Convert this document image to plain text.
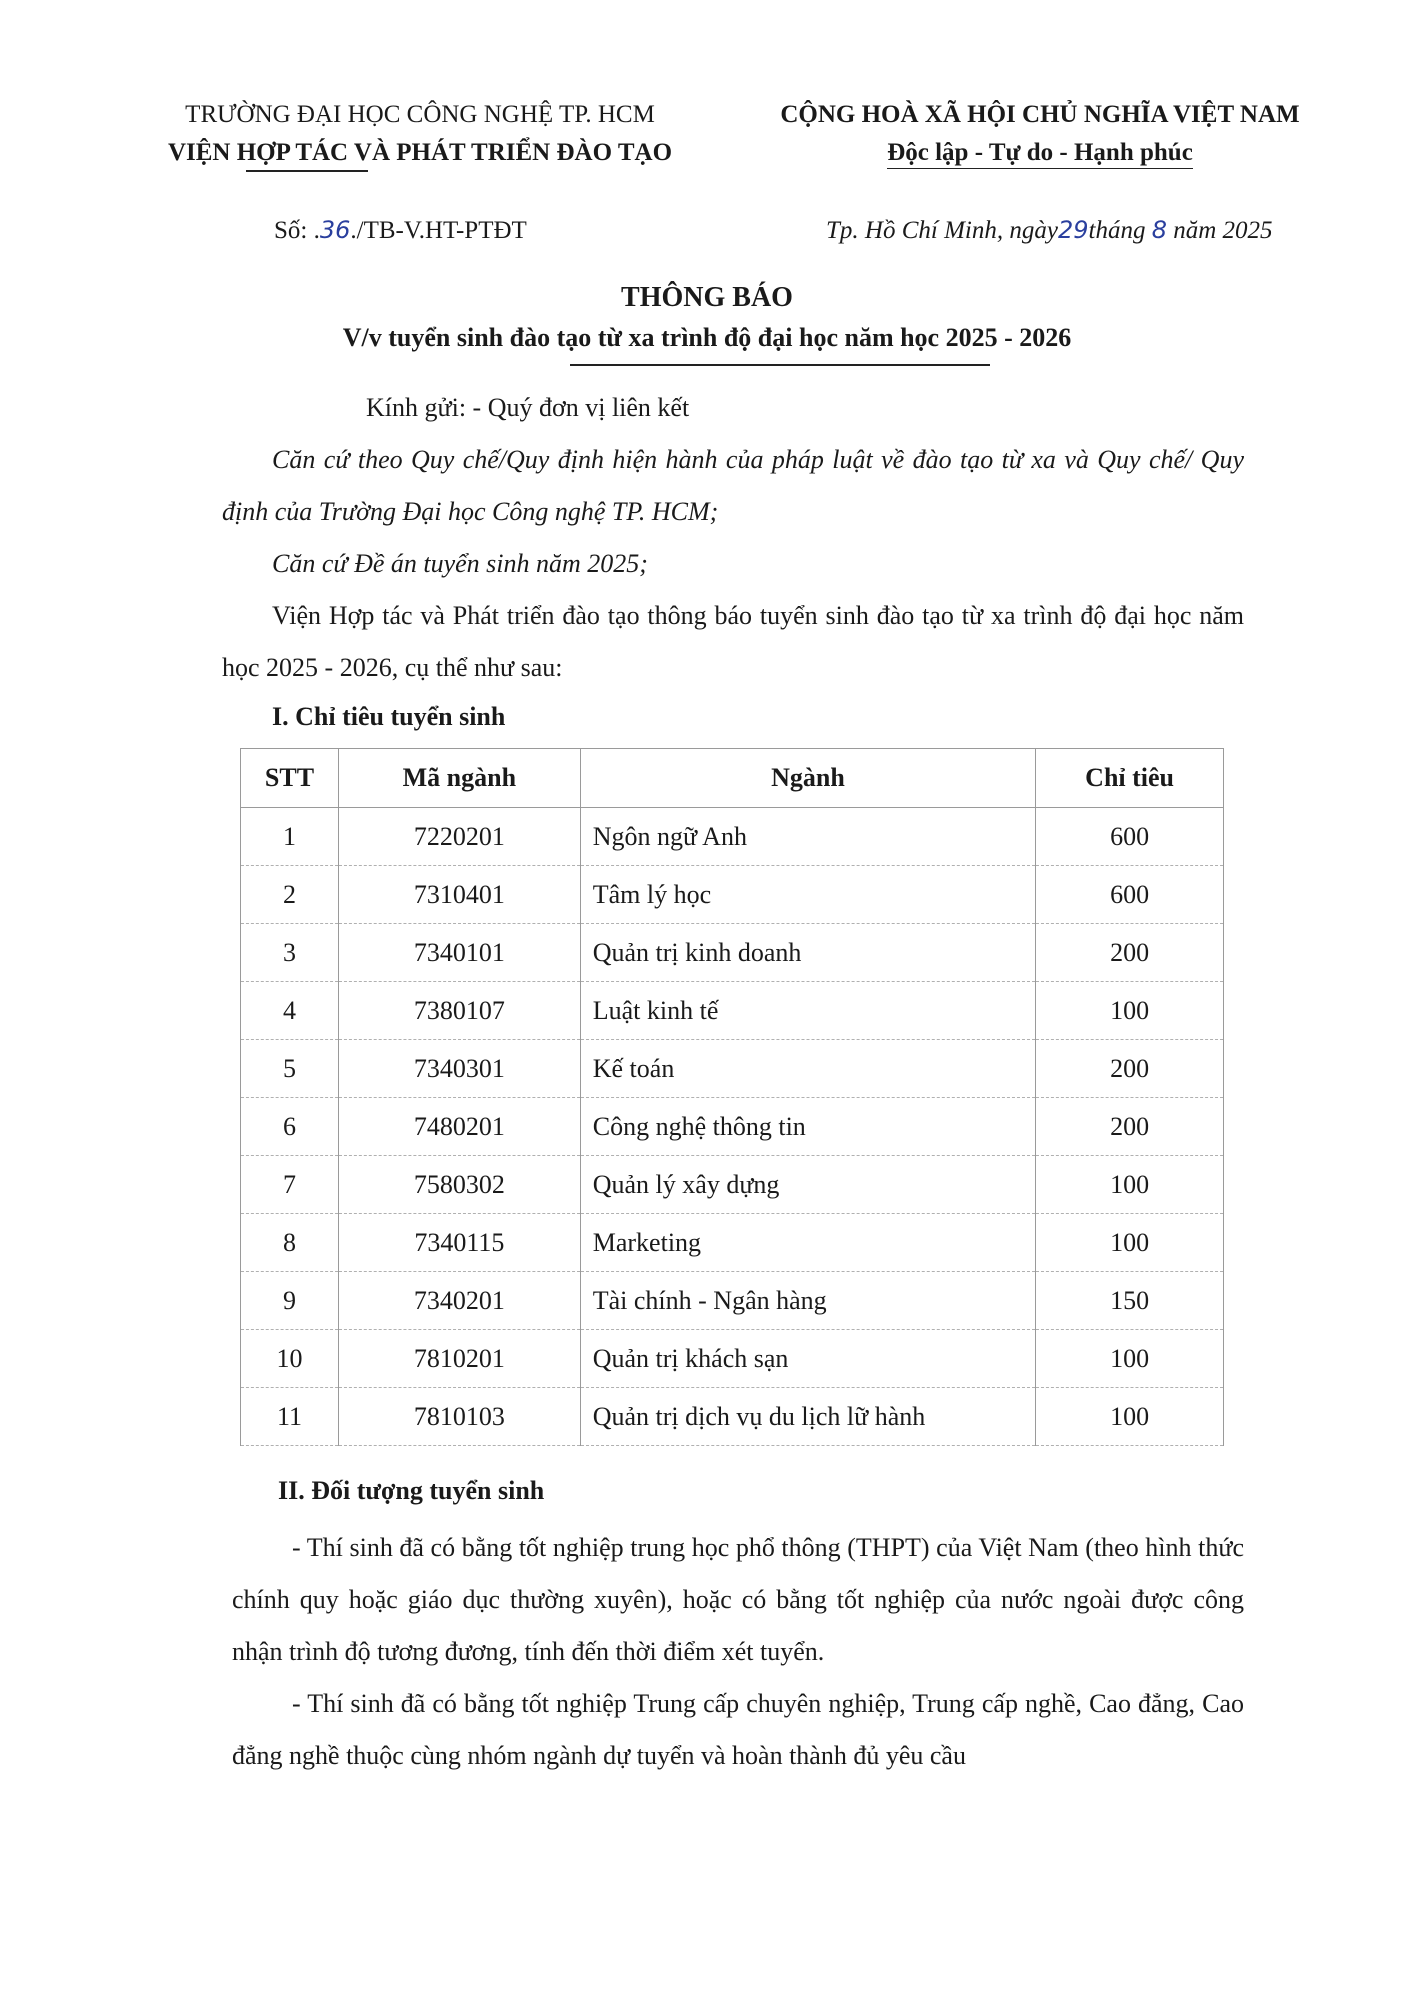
TRƯỜNG ĐẠI HỌC CÔNG NGHỆ TP. HCM
VIỆN HỢP TÁC VÀ PHÁT TRIỂN ĐÀO TẠO
CỘNG HOÀ XÃ HỘI CHỦ NGHĨA VIỆT NAM
Độc lập - Tự do - Hạnh phúc
Số: .36./TB-V.HT-PTĐT	Tp. Hồ Chí Minh, ngày29tháng 8 năm 2025
THÔNG BÁO
V/v tuyển sinh đào tạo từ xa trình độ đại học năm học 2025 - 2026
Kính gửi: - Quý đơn vị liên kết
Căn cứ theo Quy chế/Quy định hiện hành của pháp luật về đào tạo từ xa và Quy chế/ Quy định của Trường Đại học Công nghệ TP. HCM;
Căn cứ Đề án tuyển sinh năm 2025;
Viện Hợp tác và Phát triển đào tạo thông báo tuyển sinh đào tạo từ xa trình độ đại học năm học 2025 - 2026, cụ thể như sau:
I. Chỉ tiêu tuyển sinh
STT	Mã ngành	Ngành	Chỉ tiêu
1	7220201	Ngôn ngữ Anh	600
2	7310401	Tâm lý học	600
3	7340101	Quản trị kinh doanh	200
4	7380107	Luật kinh tế	100
5	7340301	Kế toán	200
6	7480201	Công nghệ thông tin	200
7	7580302	Quản lý xây dựng	100
8	7340115	Marketing	100
9	7340201	Tài chính - Ngân hàng	150
10	7810201	Quản trị khách sạn	100
11	7810103	Quản trị dịch vụ du lịch lữ hành	100
II. Đối tượng tuyển sinh
- Thí sinh đã có bằng tốt nghiệp trung học phổ thông (THPT) của Việt Nam (theo hình thức chính quy hoặc giáo dục thường xuyên), hoặc có bằng tốt nghiệp của nước ngoài được công nhận trình độ tương đương, tính đến thời điểm xét tuyển.
- Thí sinh đã có bằng tốt nghiệp Trung cấp chuyên nghiệp, Trung cấp nghề, Cao đẳng, Cao đẳng nghề thuộc cùng nhóm ngành dự tuyển và hoàn thành đủ yêu cầu
